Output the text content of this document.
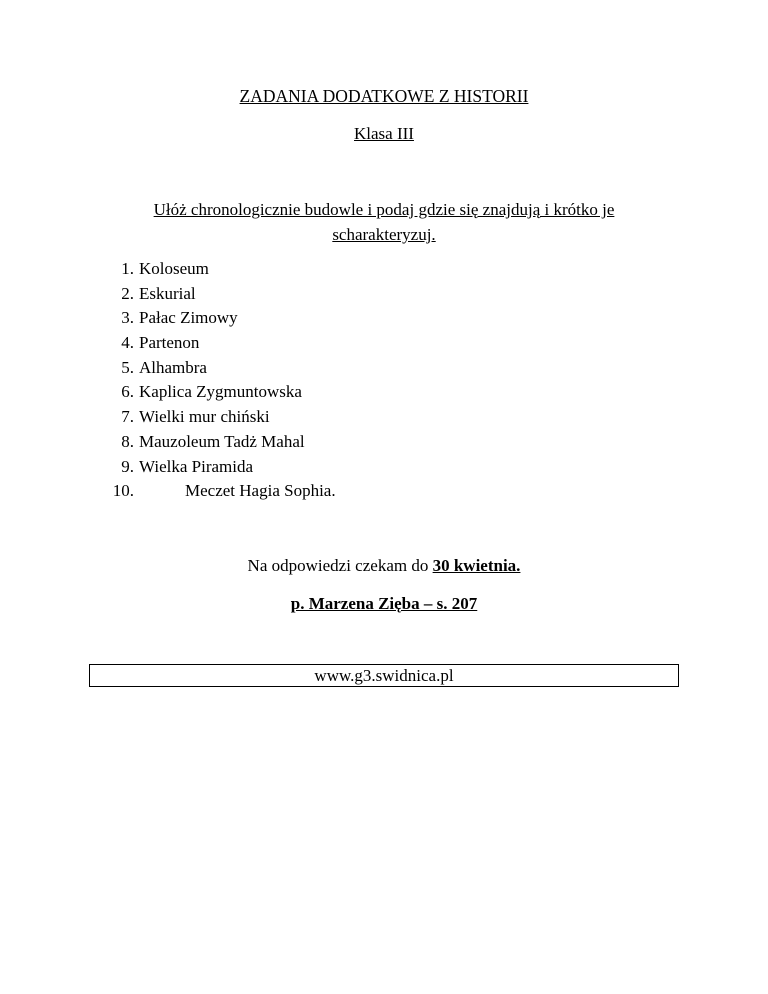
ZADANIA DODATKOWE Z HISTORII
Klasa III
Ułóż chronologicznie budowle i podaj gdzie się znajdują i krótko je
scharakteryzuj.
1. Koloseum
2. Eskurial
3. Pałac Zimowy
4. Partenon
5. Alhambra
6. Kaplica Zygmuntowska
7. Wielki mur chiński
8. Mauzoleum Tadż Mahal
9. Wielka Piramida
10.	Meczet Hagia Sophia.
Na odpowiedzi czekam do 30 kwietnia.
p. Marzena Zięba – s. 207
www.g3.swidnica.pl
